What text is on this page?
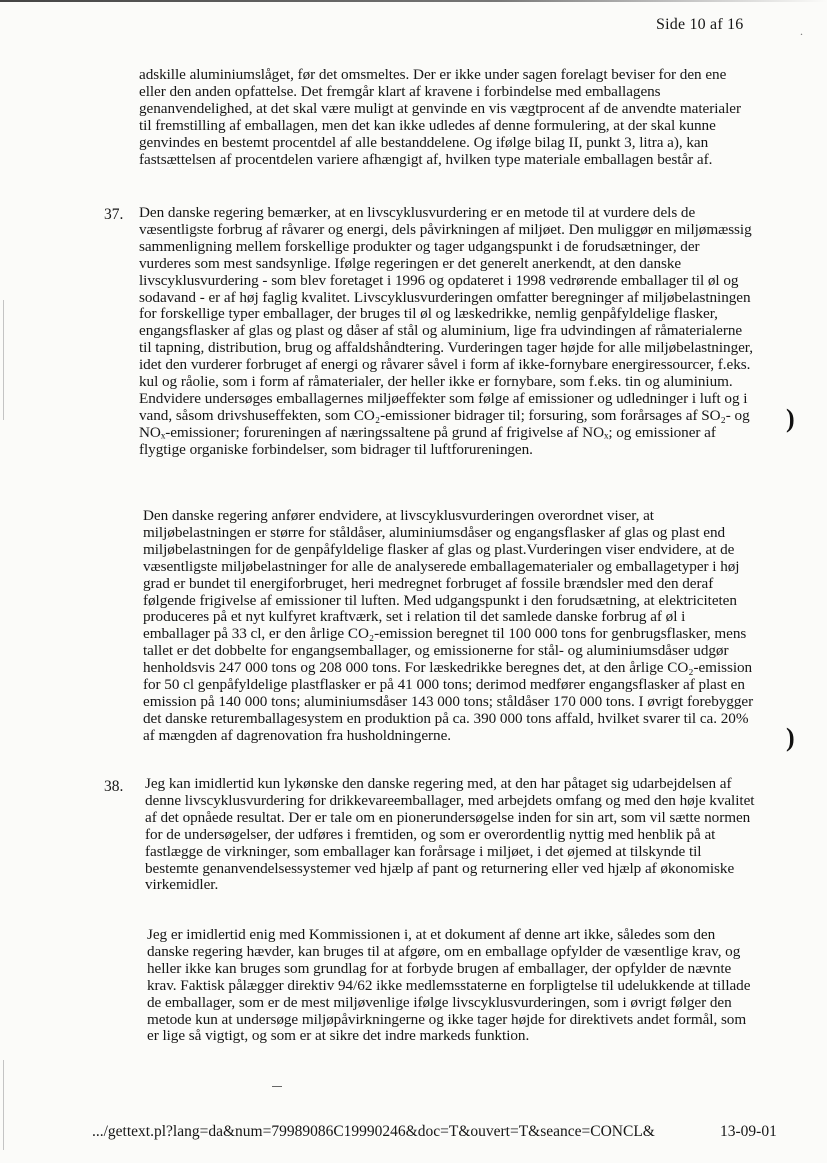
Side 10 af 16	.

adskille aluminiumslåget, før det omsmeltes. Der er ikke under sagen forelagt beviser for den ene eller den anden opfattelse. Det fremgår klart af kravene i forbindelse med emballagens genanvendelighed, at det skal være muligt at genvinde en vis vægtprocent af de anvendte materialer til fremstilling af emballagen, men det kan ikke udledes af denne formulering, at der skal kunne genvindes en bestemt procentdel af alle bestanddelene. Og ifølge bilag II, punkt 3, litra a), kan fastsættelsen af procentdelen variere afhængigt af, hvilken type materiale emballagen består af.

37. Den danske regering bemærker, at en livscyklusvurdering er en metode til at vurdere dels de væsentligste forbrug af råvarer og energi, dels påvirkningen af miljøet. Den muliggør en miljømæssig sammenligning mellem forskellige produkter og tager udgangspunkt i de forudsætninger, der vurderes som mest sandsynlige. Ifølge regeringen er det generelt anerkendt, at den danske livscyklusvurdering - som blev foretaget i 1996 og opdateret i 1998 vedrørende emballager til øl og sodavand - er af høj faglig kvalitet. Livscyklusvurderingen omfatter beregninger af miljøbelastningen for forskellige typer emballager, der bruges til øl og læskedrikke, nemlig genpåfyldelige flasker, engangsflasker af glas og plast og dåser af stål og aluminium, lige fra udvindingen af råmaterialerne til tapning, distribution, brug og affaldshåndtering. Vurderingen tager højde for alle miljøbelastninger, idet den vurderer forbruget af energi og råvarer såvel i form af ikke-fornybare energiressourcer, f.eks. kul og råolie, som i form af råmaterialer, der heller ikke er fornybare, som f.eks. tin og aluminium. Endvidere undersøges emballagernes miljøeffekter som følge af emissioner og udledninger i luft og i vand, såsom drivshuseffekten, som CO₂-emissioner bidrager til; forsuring, som forårsages af SO₂- og NOₓ-emissioner; forureningen af næringssaltene på grund af frigivelse af NOₓ; og emissioner af flygtige organiske forbindelser, som bidrager til luftforureningen.

Den danske regering anfører endvidere, at livscyklusvurderingen overordnet viser, at miljøbelastningen er større for ståldåser, aluminiumsdåser og engangsflasker af glas og plast end miljøbelastningen for de genpåfyldelige flasker af glas og plast.Vurderingen viser endvidere, at de væsentligste miljøbelastninger for alle de analyserede emballagematerialer og emballagetyper i høj grad er bundet til energiforbruget, heri medregnet forbruget af fossile brændsler med den deraf følgende frigivelse af emissioner til luften. Med udgangspunkt i den forudsætning, at elektriciteten produceres på et nyt kulfyret kraftværk, set i relation til det samlede danske forbrug af øl i emballager på 33 cl, er den årlige CO₂-emission beregnet til 100 000 tons for genbrugsflasker, mens tallet er det dobbelte for engangsemballager, og emissionerne for stål- og aluminiumsdåser udgør henholdsvis 247 000 tons og 208 000 tons. For læskedrikke beregnes det, at den årlige CO₂-emission for 50 cl genpåfyldelige plastflasker er på 41 000 tons; derimod medfører engangsflasker af plast en emission på 140 000 tons; aluminiumsdåser 143 000 tons; ståldåser 170 000 tons. I øvrigt forebygger det danske returemballagesystem en produktion på ca. 390 000 tons affald, hvilket svarer til ca. 20% af mængden af dagrenovation fra husholdningerne.

38. Jeg kan imidlertid kun lykønske den danske regering med, at den har påtaget sig udarbejdelsen af denne livscyklusvurdering for drikkevareemballager, med arbejdets omfang og med den høje kvalitet af det opnåede resultat. Der er tale om en pionerundersøgelse inden for sin art, som vil sætte normen for de undersøgelser, der udføres i fremtiden, og som er overordentlig nyttig med henblik på at fastlægge de virkninger, som emballager kan forårsage i miljøet, i det øjemed at tilskynde til bestemte genanvendelsessystemer ved hjælp af pant og returnering eller ved hjælp af økonomiske virkemidler.

Jeg er imidlertid enig med Kommissionen i, at et dokument af denne art ikke, således som den danske regering hævder, kan bruges til at afgøre, om en emballage opfylder de væsentlige krav, og heller ikke kan bruges som grundlag for at forbyde brugen af emballager, der opfylder de nævnte krav. Faktisk pålægger direktiv 94/62 ikke medlemsstaterne en forpligtelse til udelukkende at tillade de emballager, som er de mest miljøvenlige ifølge livscyklusvurderingen, som i øvrigt følger den metode kun at undersøge miljøpåvirkningerne og ikke tager højde for direktivets andet formål, som er lige så vigtigt, og som er at sikre det indre markeds funktion.

)
)
.../gettext.pl?lang=da&num=79989086C19990246&doc=T&ouvert=T&seance=CONCL&	13-09-01
